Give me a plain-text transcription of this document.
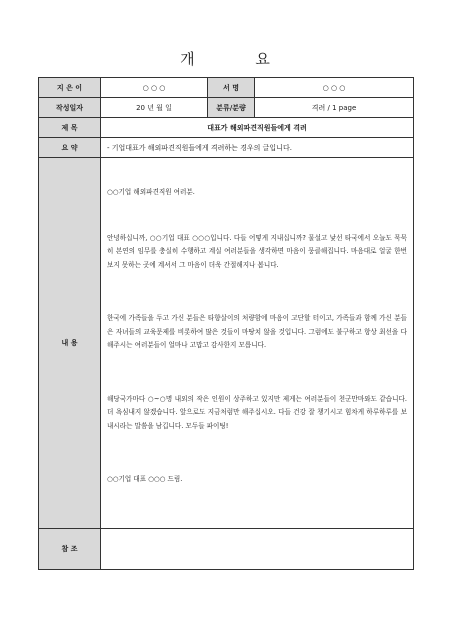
개 요
지 은 이	○ ○ ○	서 명	○ ○ ○
작성일자	20 년 월 일	분류/분량	격려 / 1 page
제 목	대표가 해외파견직원들에게 격려		
요 약	- 기업대표가 해외파견직원들에게 격려하는 경우의 글입니다.		
내 용	○○기업 해외파견직원 여러분.

안녕하십니까, ○○기업 대표 ○○○입니다. 다들 어떻게 지내십니까? 물설고 낯선 타국에서 오늘도 묵묵히 본연의 임무를 충실히 수행하고 계실 여러분들을 생각하면 마음이 뭉클해집니다. 마음대로 얼굴 한번 보지 못하는 곳에 계셔서 그 마음이 더욱 간절해지나 봅니다.

한국에 가족들을 두고 가신 분들은 타향살이의 처량함에 마음이 고단할 터이고, 가족들과 함께 가신 분들은 자녀들의 교육문제를 비롯하여 많은 것들이 마땅치 않을 것입니다. 그럼에도 불구하고 항상 최선을 다해주시는 여러분들이 얼마나 고맙고 감사한지 모릅니다.

해당국가마다 ○~○명 내외의 작은 인원이 상주하고 있지만 제게는 여러분들이 천군만마와도 같습니다. 더 욕심내지 않겠습니다. 앞으로도 지금처럼만 해주십시오. 다들 건강 잘 챙기시고 힘차게 하루하루를 보내시라는 말씀을 남깁니다. 모두들 파이팅!

○○기업 대표 ○○○ 드림.		

참 조			
